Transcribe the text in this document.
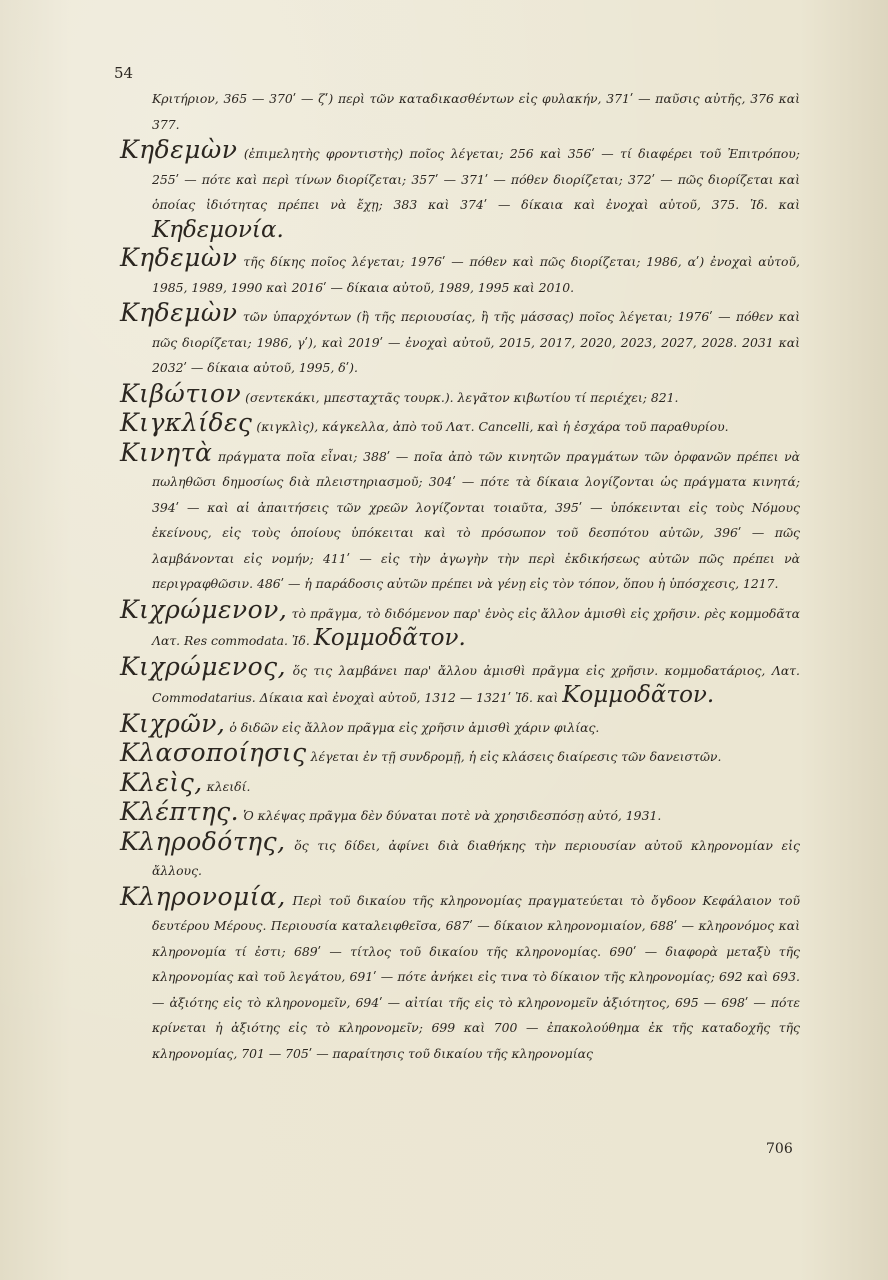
54

Κριτήριον, 365 — 370ʹ — ζʹ) περὶ τῶν καταδικασθέντων εἰς φυλακήν, 371ʹ — παῦσις αὐτῆς, 376 καὶ 377.

Κηδεμὼν (ἐπιμελητὴς φροντιστὴς) ποῖος λέγεται; 256 καὶ 356ʹ — τί διαφέρει τοῦ Ἐπιτρόπου; 255ʹ — πότε καὶ περὶ τίνων διορίζεται; 357ʹ — 371ʹ — πόθεν διορίζεται; 372ʹ — πῶς διορίζεται καὶ ὁποίας ἰδιότητας πρέπει νὰ ἔχῃ; 383 καὶ 374ʹ — δίκαια καὶ ἐνοχαὶ αὐτοῦ, 375. Ἰδ. καὶ Κηδεμονία.

Κηδεμὼν τῆς δίκης ποῖος λέγεται; 1976ʹ — πόθεν καὶ πῶς διορίζεται; 1986, αʹ) ἐνοχαὶ αὐτοῦ, 1985, 1989, 1990 καὶ 2016ʹ — δίκαια αὐτοῦ, 1989, 1995 καὶ 2010.

Κηδεμὼν τῶν ὑπαρχόντων (ἢ τῆς περιουσίας, ἢ τῆς μάσσας) ποῖος λέγεται; 1976ʹ — πόθεν καὶ πῶς διορίζεται; 1986, γʹ), καὶ 2019ʹ — ἐνοχαὶ αὐτοῦ, 2015, 2017, 2020, 2023, 2027, 2028. 2031 καὶ 2032ʹ — δίκαια αὐτοῦ, 1995, δʹ).

Κιβώτιον (σεντεκάκι, μπεσταχτᾶς τουρκ.). λεγᾶτον κιβωτίου τί περιέχει; 821.

Κιγκλίδες (κιγκλὶς), κάγκελλα, ἀπὸ τοῦ Λατ. Cancelli, καὶ ἡ ἐσχάρα τοῦ παραθυρίου.

Κινητὰ πράγματα ποῖα εἶναι; 388ʹ — ποῖα ἀπὸ τῶν κινητῶν πραγμάτων τῶν ὀρφανῶν πρέπει νὰ πωληθῶσι δημοσίως διὰ πλειστηριασμοῦ; 304ʹ — πότε τὰ δίκαια λογίζονται ὡς πράγματα κινητά; 394ʹ — καὶ αἱ ἀπαιτήσεις τῶν χρεῶν λογίζονται τοιαῦτα, 395ʹ — ὑπόκεινται εἰς τοὺς Νόμους ἐκείνους, εἰς τοὺς ὁποίους ὑπόκειται καὶ τὸ πρόσωπον τοῦ δεσπότου αὐτῶν, 396ʹ — πῶς λαμβάνονται εἰς νομήν; 411ʹ — εἰς τὴν ἀγωγὴν τὴν περὶ ἐκδικήσεως αὐτῶν πῶς πρέπει νὰ περιγραφθῶσιν. 486ʹ — ἡ παράδοσις αὐτῶν πρέπει νὰ γένῃ εἰς τὸν τόπον, ὅπου ἡ ὑπόσχεσις, 1217.

Κιχρώμενον, τὸ πρᾶγμα, τὸ διδόμενον παρ' ἑνὸς εἰς ἄλλον ἀμισθὶ εἰς χρῆσιν. ρὲς κομμοδᾶτα Λατ. Res commodata. Ἰδ. Κομμοδᾶτον.

Κιχρώμενος, ὅς τις λαμβάνει παρ' ἄλλου ἀμισθὶ πρᾶγμα εἰς χρῆσιν. κομμοδατάριος, Λατ. Commodatarius. Δίκαια καὶ ἐνοχαὶ αὐτοῦ, 1312 — 1321ʹ Ἰδ. καὶ Κομμοδᾶτον.

Κιχρῶν, ὁ διδῶν εἰς ἄλλον πρᾶγμα εἰς χρῆσιν ἀμισθὶ χάριν φιλίας.

Κλασοποίησις λέγεται ἐν τῇ συνδρομῇ, ἡ εἰς κλάσεις διαίρεσις τῶν δανειστῶν.

Κλεὶς, κλειδί.

Κλέπτης. Ὁ κλέψας πρᾶγμα δὲν δύναται ποτὲ νὰ χρησιδεσπόσῃ αὐτό, 1931.

Κληροδότης, ὅς τις δίδει, ἀφίνει διὰ διαθήκης τὴν περιουσίαν αὐτοῦ κληρονομίαν εἰς ἄλλους.

Κληρονομία, Περὶ τοῦ δικαίου τῆς κληρονομίας πραγματεύεται τὸ ὄγδοον Κεφάλαιον τοῦ δευτέρου Μέρους. Περιουσία καταλειφθεῖσα, 687ʹ — δίκαιον κληρονομιαίον, 688ʹ — κληρονόμος καὶ κληρονομία τί ἐστι; 689ʹ — τίτλος τοῦ δικαίου τῆς κληρονομίας. 690ʹ — διαφορὰ μεταξὺ τῆς κληρονομίας καὶ τοῦ λεγάτου, 691ʹ — πότε ἀνήκει εἰς τινα τὸ δίκαιον τῆς κληρονομίας; 692 καὶ 693. — ἀξιότης εἰς τὸ κληρονομεῖν, 694ʹ — αἰτίαι τῆς εἰς τὸ κληρονομεῖν ἀξιότητος, 695 — 698ʹ — πότε κρίνεται ἡ ἀξιότης εἰς τὸ κληρονομεῖν; 699 καὶ 700 — ἐπακολούθημα ἐκ τῆς καταδοχῆς τῆς κληρονομίας, 701 — 705ʹ — παραίτησις τοῦ δικαίου τῆς κληρονομίας

706
